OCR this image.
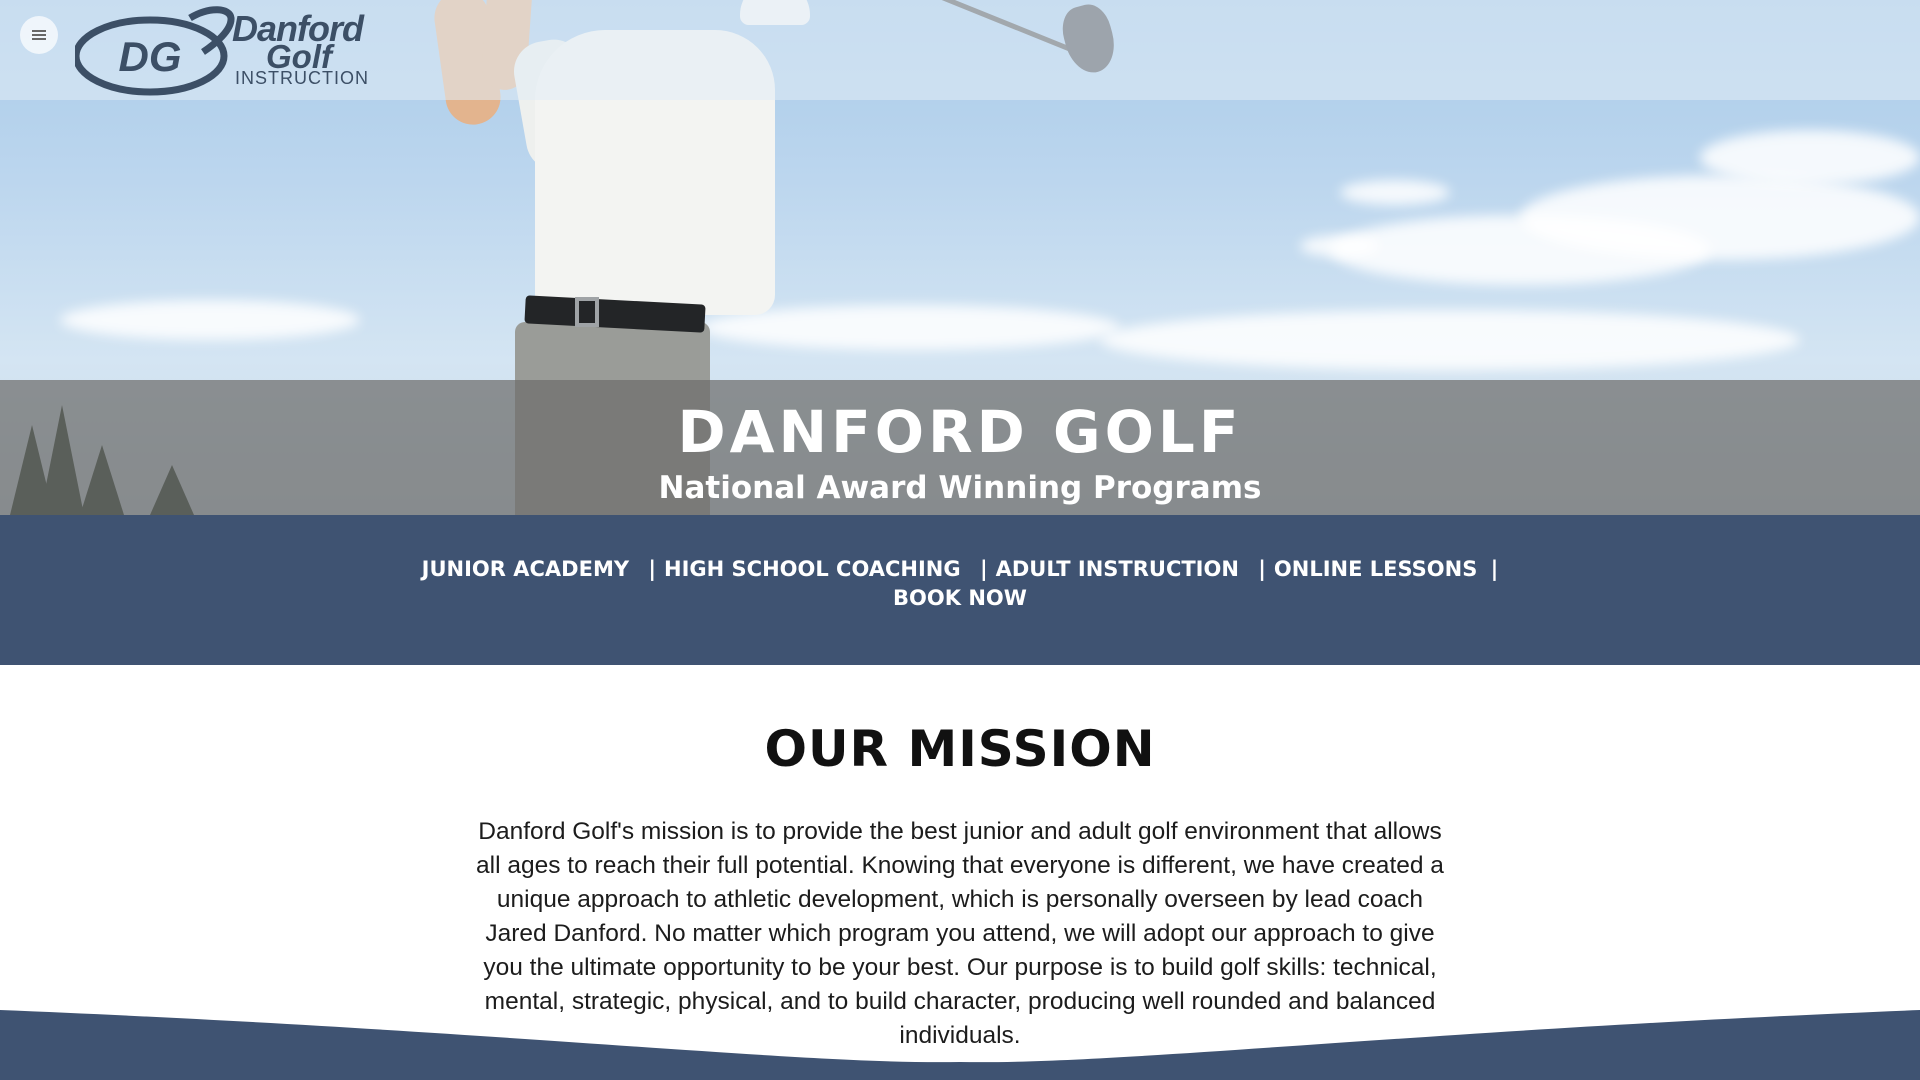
DG
Danford
Golf
INSTRUCTION
DANFORD GOLF
National Award Winning Programs
JUNIOR ACADEMY | HIGH SCHOOL COACHING | ADULT INSTRUCTION | ONLINE LESSONS |
BOOK NOW
OUR MISSION

Danford Golf's mission is to provide the best junior and adult golf environment that allows all ages to reach their full potential. Knowing that everyone is different, we have created a unique approach to athletic development, which is personally overseen by lead coach Jared Danford. No matter which program you attend, we will adopt our approach to give you the ultimate opportunity to be your best. Our purpose is to build golf skills: technical, mental, strategic, physical, and to build character, producing well rounded and balanced individuals.
